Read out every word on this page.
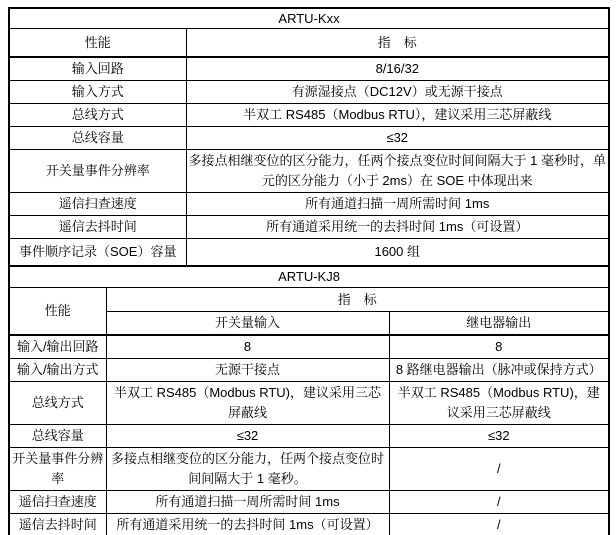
ARTU-Kxx	
性能	指　标
输入回路	8/16/32
输入方式	有源湿接点（DC12V）或无源干接点
总线方式	半双工 RS485（Modbus RTU），建议采用三芯屏蔽线
总线容量	≤32
开关量事件分辨率	多接点相继变位的区分能力，任两个接点变位时间间隔大于 1 毫秒时，单元的区分能力（小于 2ms）在 SOE 中体现出来
遥信扫查速度	所有通道扫描一周所需时间 1ms
遥信去抖时间	所有通道采用统一的去抖时间 1ms（可设置）
事件顺序记录（SOE）容量	1600 组
ARTU-KJ8		
性能	指　标	
	开关量输入	继电器输出
输入/输出回路	8	8
输入/输出方式	无源干接点	8 路继电器输出（脉冲或保持方式）
总线方式	半双工 RS485（Modbus RTU)，建议采用三芯屏蔽线	半双工 RS485（Modbus RTU)，建议采用三芯屏蔽线
总线容量	≤32	≤32
开关量事件分辨率	多接点相继变位的区分能力，任两个接点变位时间间隔大于 1 毫秒。	/
遥信扫查速度	所有通道扫描一周所需时间 1ms	/
遥信去抖时间	所有通道采用统一的去抖时间 1ms（可设置）	/
